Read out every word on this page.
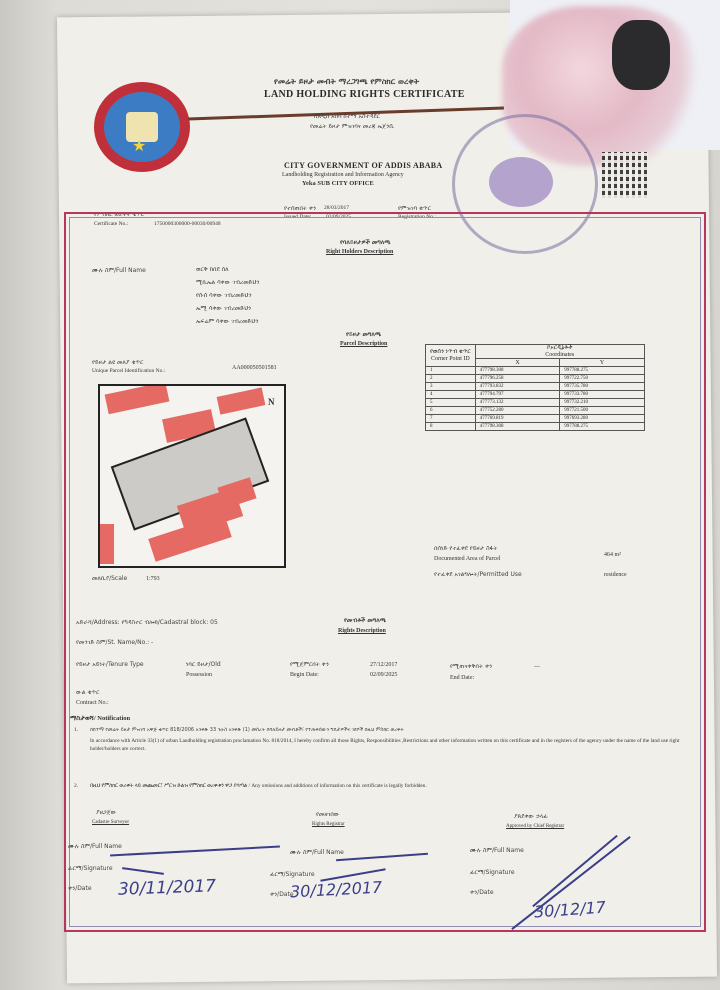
★
የመሬት ይዞታ መብት ማረጋገጫ የምስክር ወረቀት
LAND HOLDING RIGHTS CERTIFICATE
በአዲስ አበባ ከተማ አስተዳደር
የመሬት ይዞታ ምዝገባና መረጃ ኤጀንሲ
CITY GOVERNMENT OF ADDIS ABABA
Landholding Registration and Information Agency
Yeka SUB CITY OFFICE
የምስክር ወረቀት ቁጥር
Certificate No.:	1750000300000-00030/00948
የተሰጠበት ቀን 28/03/2017
Issued Date:	02/09/2025
የምዝገባ ቁጥር
Registration No.:
የባለይዞታዎች መግለጫ
Right Holders Description
ሙሉ ስም/Full Name	ወርቅ ከበደ ሰለ
ሚኪኤል ሳቀው ገብረመድህን
የሱሰ ሳቀው ገብረመድህን
ኤሚ ሳቀው ገብረመድህን
ኤፍሬም ሳቀው ገብረመድህን
የይዞታ መግለጫ
Parcel Description
የይዞታ ልዩ መለያ ቁጥር
Unique Parcel Identification No.:	AA000050501581
የወሰን ነጥብ ቁጥር
Corner Point ID	ኮኦርዲኔቶች
Coordinates	
	X	Y
1	477798.308	997788.275
2	477796.258	997722.750
3	477793.832	997735.780
4	477794.797	997733.780
5	477773.132	997732.210
6	477752.280	997721.500
7	477769.819	997693.280
8	477798.308	997788.275
N
መለኪያ/Scale	1:793
በሰነድ የተፈቀደ የይዞታ ስፋት
Documented Area of Parcel
464 m²
የተፈቀደ አገልግሎት/Permitted Use	residence
አድራሻ/Address: የካዳስተር ብሎክ/Cadastral block: 05
የመንገድ ስም/St. Name/No.: -
የመብቶች መግለጫ
Rights Description
የይዞታ አይነት/Tenure Type	ነባር ይዞታ/Old
Possession
የሚጀምርበት ቀን
Begin Date:
27/12/2017
02/09/2025
የሚጠናቀቅበት ቀን
End Date:
—
ውል ቁጥር
Contract No.:
ማስታወሻ/ Notification
1. በከተማ የመሬት ይዞታ ምዝገባ አዋጅ ቁጥር 818/2006 አንቀጽ 33 ንዑስ አንቀጽ (1) መሰረት በባለይዞታ መብቶች፣ የተጠቀሰውን ግዴታዎችና ገደቦች በዚህ ምስክር ወረቀት
In accordance with Article 33(1) of urban Landholding registration proclamation No. 818/2014, I hereby confirm all those Rights, Responsibilities ,Restrictions and other information written on this certificate and in the registers of the agency under the name of the land use right holder/holders are correct.
2. በዚህ የምስክር ወረቀት ላይ መጨመር፣ ሥርዝ ድልዝ የምስክር ወረቀቱን ዋጋ ያሳጣል / Any omissions and additions of information on this certificate is legally forbidden.
ያዘጋጀው
Cadastre Surveyor
የመዘገበው
Rights Registrar
ያጸደቀው ኃላፊ
Approved by Chief Registrar
ሙሉ ስም/Full Name
ሙሉ ስም/Full Name	ሙሉ ስም/Full Name
ፊርማ/Signature
ፊርማ/Signature	ፊርማ/Signature
ቀን/Date
ቀን/Date	ቀን/Date
30/11/2017	30/12/2017
30/12/17
